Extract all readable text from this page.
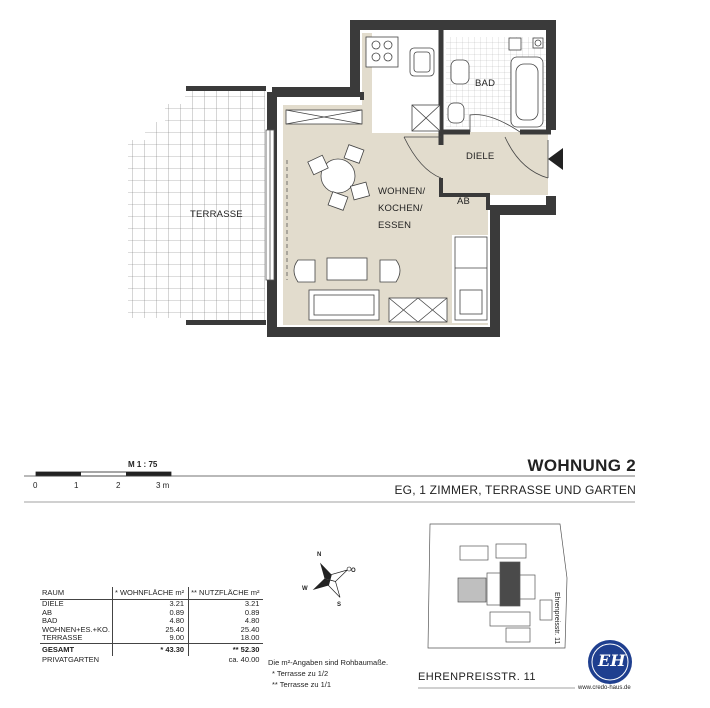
TERRASSE
WOHNEN/
KOCHEN/
ESSEN
DIELE
BAD
AB
M 1 : 75
0	1	2	3 m
WOHNUNG 2
EG, 1 ZIMMER, TERRASSE UND GARTEN
RAUM	* WOHNFLÄCHE m²	** NUTZFLÄCHE m²
DIELE	3.21	3.21
AB	0.89	0.89
BAD	4.80	4.80
WOHNEN+ES.+KO.	25.40	25.40
TERRASSE	9.00	18.00
GESAMT	* 43.30	** 52.30
PRIVATGARTEN		ca. 40.00 Die m²-Angaben sind Rohbaumaße.
* Terrasse zu 1/2
** Terrasse zu 1/1
N
O
S
W
Ehrenpreisstr. 11
EHRENPREISSTR. 11
EH
www.credo-haus.de
